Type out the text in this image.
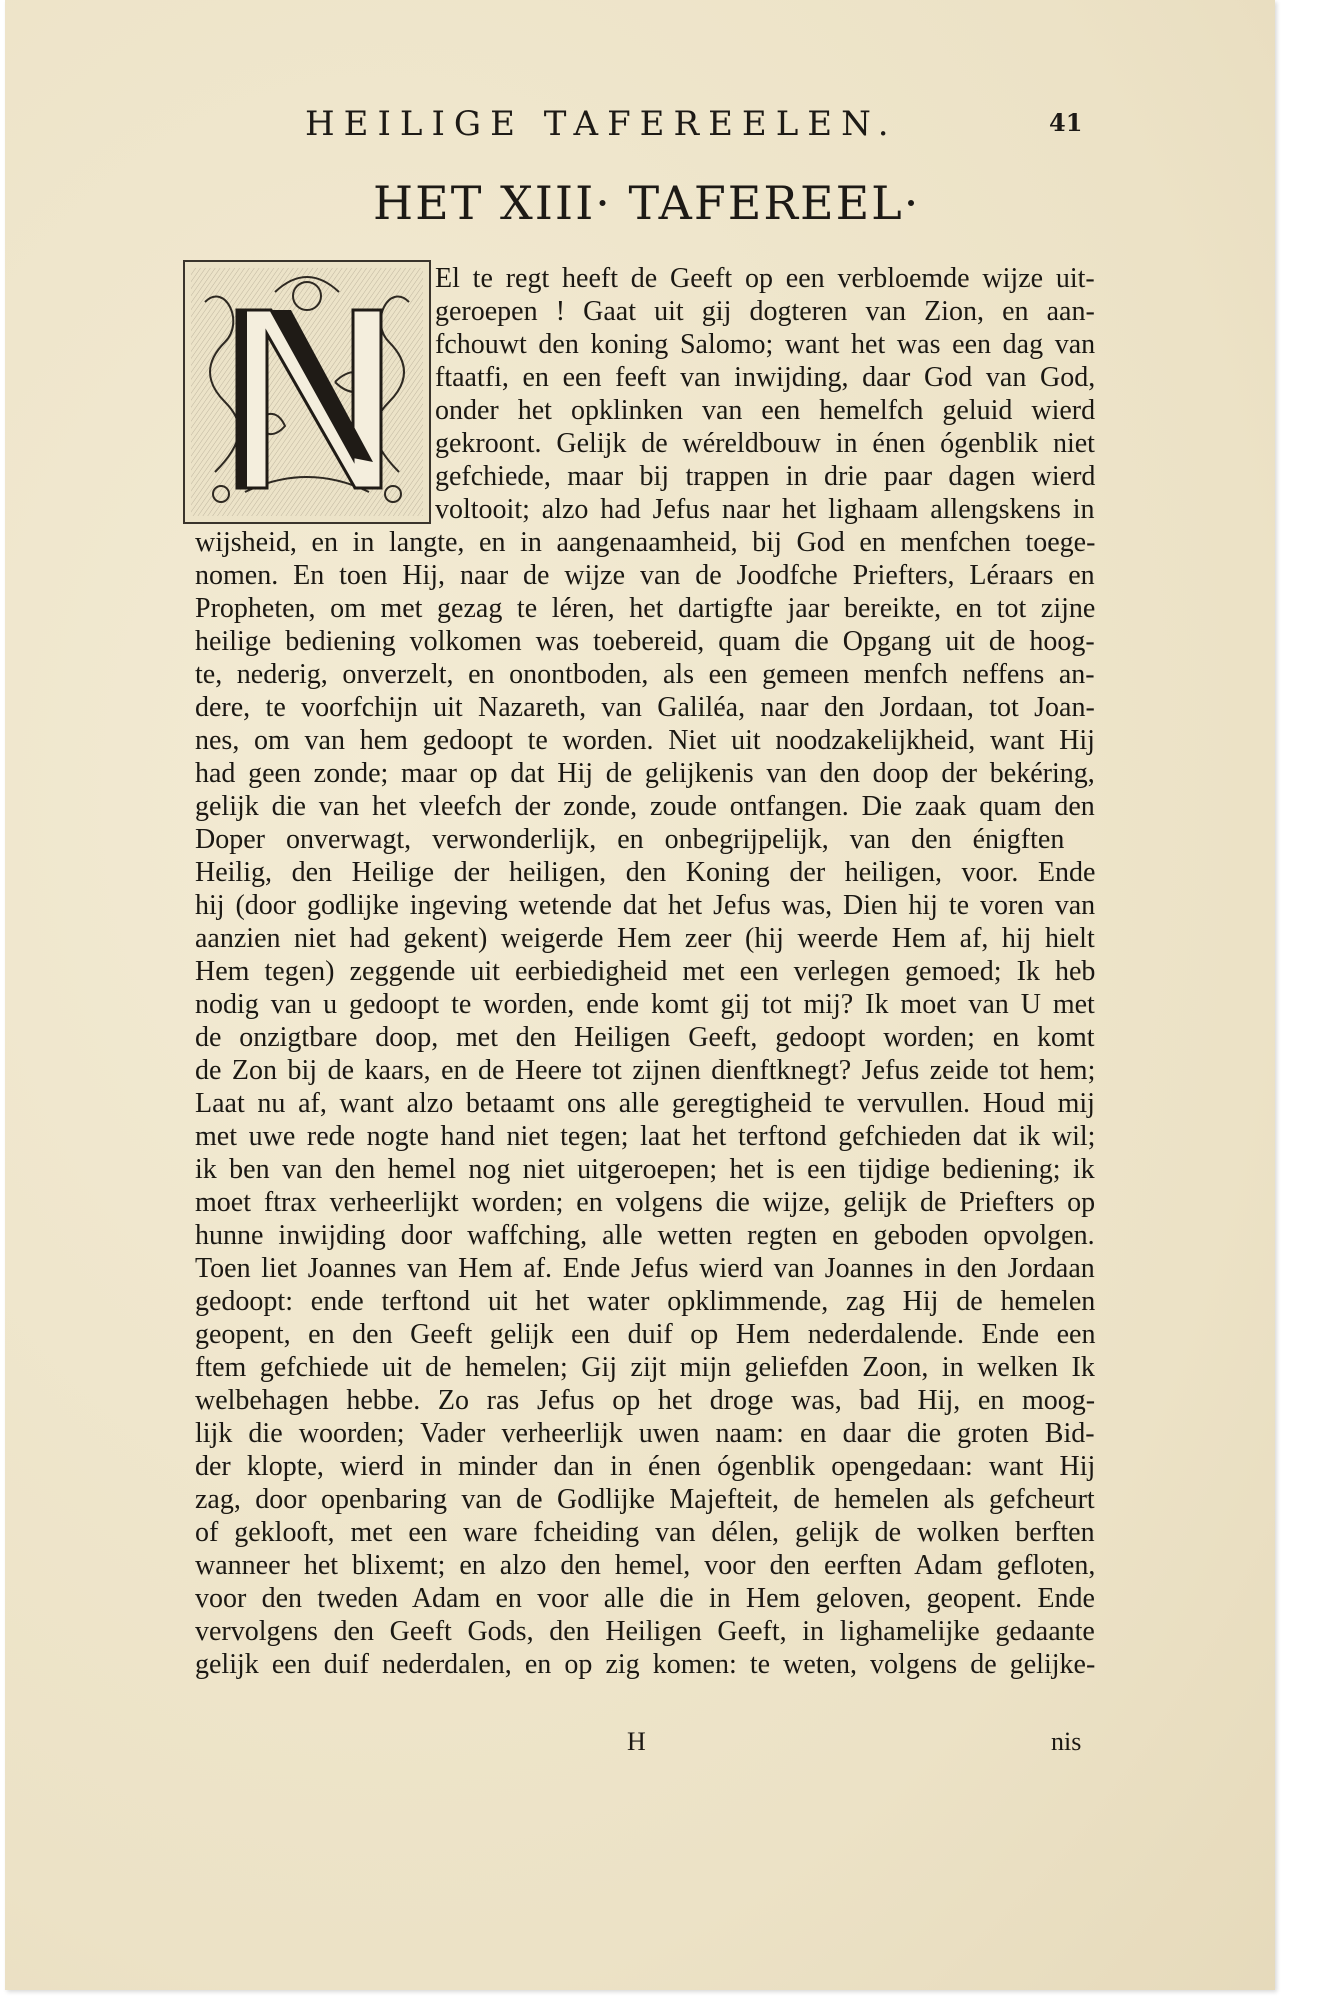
HEILIGE TAFEREELEN.	41
HET XIII· TAFEREEL·
El te regt heeft de Geeft op een verbloemde wijze uit-
geroepen ! Gaat uit gij dogteren van Zion, en aan-
fchouwt den koning Salomo; want het was een dag van
ftaatfi, en een feeft van inwijding, daar God van God,
onder het opklinken van een hemelfch geluid wierd
gekroont. Gelijk de wéreldbouw in énen ógenblik niet
gefchiede, maar bij trappen in drie paar dagen wierd
voltooit; alzo had Jefus naar het lighaam allengskens in
wijsheid, en in langte, en in aangenaamheid, bij God en menfchen toege-
nomen. En toen Hij, naar de wijze van de Joodfche Priefters, Léraars en
Propheten, om met gezag te léren, het dartigfte jaar bereikte, en tot zijne
heilige bediening volkomen was toebereid, quam die Opgang uit de hoog-
te, nederig, onverzelt, en onontboden, als een gemeen menfch neffens an-
dere, te voorfchijn uit Nazareth, van Galiléa, naar den Jordaan, tot Joan-
nes, om van hem gedoopt te worden. Niet uit noodzakelijkheid, want Hij
had geen zonde; maar op dat Hij de gelijkenis van den doop der bekéring,
gelijk die van het vleefch der zonde, zoude ontfangen. Die zaak quam den
Doper onverwagt, verwonderlijk, en onbegrijpelijk, van den énigften
Heilig, den Heilige der heiligen, den Koning der heiligen, voor. Ende
hij (door godlijke ingeving wetende dat het Jefus was, Dien hij te voren van
aanzien niet had gekent) weigerde Hem zeer (hij weerde Hem af, hij hielt
Hem tegen) zeggende uit eerbiedigheid met een verlegen gemoed; Ik heb
nodig van u gedoopt te worden, ende komt gij tot mij? Ik moet van U met
de onzigtbare doop, met den Heiligen Geeft, gedoopt worden; en komt
de Zon bij de kaars, en de Heere tot zijnen dienftknegt? Jefus zeide tot hem;
Laat nu af, want alzo betaamt ons alle geregtigheid te vervullen. Houd mij
met uwe rede nogte hand niet tegen; laat het terftond gefchieden dat ik wil;
ik ben van den hemel nog niet uitgeroepen; het is een tijdige bediening; ik
moet ftrax verheerlijkt worden; en volgens die wijze, gelijk de Priefters op
hunne inwijding door waffching, alle wetten regten en geboden opvolgen.
Toen liet Joannes van Hem af. Ende Jefus wierd van Joannes in den Jordaan
gedoopt: ende terftond uit het water opklimmende, zag Hij de hemelen
geopent, en den Geeft gelijk een duif op Hem nederdalende. Ende een
ftem gefchiede uit de hemelen; Gij zijt mijn geliefden Zoon, in welken Ik
welbehagen hebbe. Zo ras Jefus op het droge was, bad Hij, en moog-
lijk die woorden; Vader verheerlijk uwen naam: en daar die groten Bid-
der klopte, wierd in minder dan in énen ógenblik opengedaan: want Hij
zag, door openbaring van de Godlijke Majefteit, de hemelen als gefcheurt
of geklooft, met een ware fcheiding van délen, gelijk de wolken berften
wanneer het blixemt; en alzo den hemel, voor den eerften Adam gefloten,
voor den tweden Adam en voor alle die in Hem geloven, geopent. Ende
vervolgens den Geeft Gods, den Heiligen Geeft, in lighamelijke gedaante
gelijk een duif nederdalen, en op zig komen: te weten, volgens de gelijke-
H	nis
